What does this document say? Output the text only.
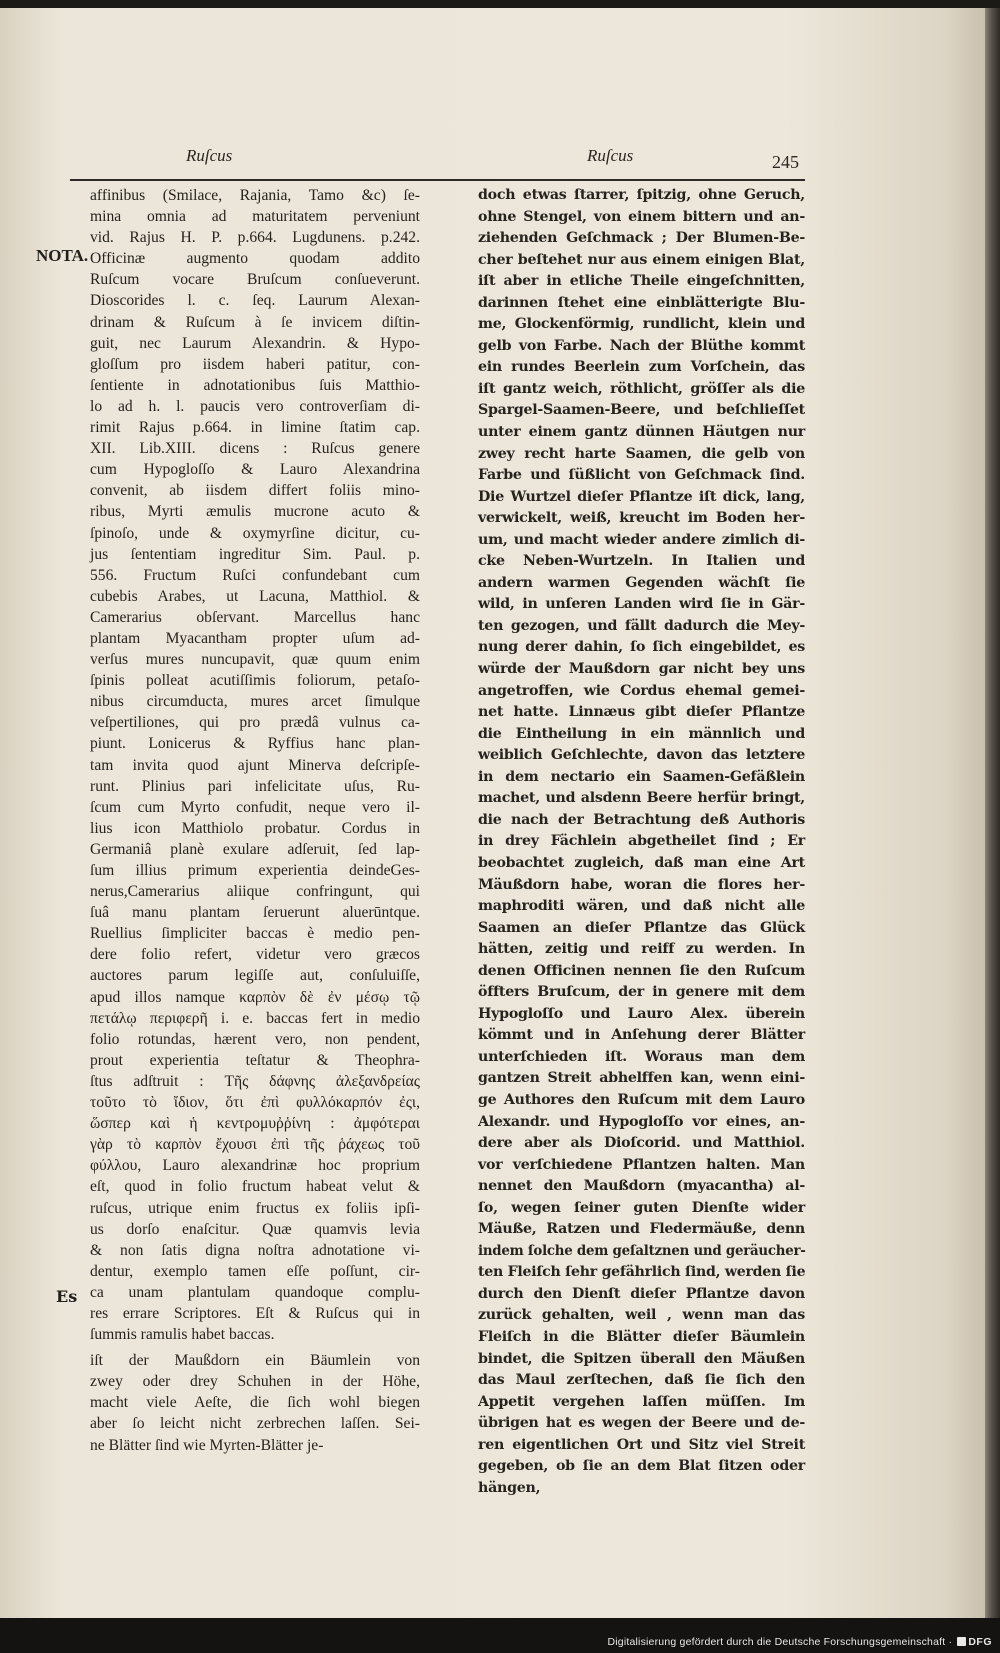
Ruſcus	Ruſcus	245
NOTA.
Es
affinibus (Smilace, Rajania, Tamo &c) ſe-
mina omnia ad maturitatem perveniunt
vid. Rajus H. P. p.664. Lugdunens. p.242.
Officinæ augmento quodam addito
Ruſcum vocare Bruſcum conſueverunt.
Dioscorides l. c. ſeq. Laurum Alexan-
drinam & Ruſcum à ſe invicem diſtin-
guit, nec Laurum Alexandrin. & Hypo-
gloſſum pro iisdem haberi patitur, con-
ſentiente in adnotationibus ſuis Matthio-
lo ad h. l. paucis vero controverſiam di-
rimit Rajus p.664. in limine ſtatim cap.
XII. Lib.XIII. dicens : Ruſcus genere
cum Hypogloſſo & Lauro Alexandrina
convenit, ab iisdem differt foliis mino-
ribus, Myrti æmulis mucrone acuto &
ſpinoſo, unde & oxymyrſine dicitur, cu-
jus ſententiam ingreditur Sim. Paul. p.
556. Fructum Ruſci confundebant cum
cubebis Arabes, ut Lacuna, Matthiol. &
Camerarius obſervant. Marcellus hanc
plantam Myacantham propter uſum ad-
verſus mures nuncupavit, quæ quum enim
ſpinis polleat acutiſſimis foliorum, petaſo-
nibus circumducta, mures arcet ſimulque
veſpertiliones, qui pro prædâ vulnus ca-
piunt. Lonicerus & Ryffius hanc plan-
tam invita quod ajunt Minerva deſcripſe-
runt. Plinius pari infelicitate uſus, Ru-
ſcum cum Myrto confudit, neque vero il-
lius icon Matthiolo probatur. Cordus in
Germaniâ planè exulare adſeruit, ſed lap-
ſum illius primum experientia deindeGes-
nerus,Camerarius aliique confringunt, qui
ſuâ manu plantam ſeruerunt aluerūntque.
Ruellius ſimpliciter baccas è medio pen-
dere folio refert, videtur vero græcos
auctores parum legiſſe aut, conſuluiſſe,
apud illos namque καρπὸν δὲ ἐν μέσῳ τῷ
πετάλῳ περιφερῆ i. e. baccas fert in medio
folio rotundas, hærent vero, non pendent,
prout experientia teſtatur & Theophra-
ſtus adſtruit : Τῆς δάφνης ἀλεξανδρείας
τοῦτο τὸ ἴδιον, ὅτι ἐπὶ φυλλόκαρπόν ἐςι,
ὥσπερ καὶ ἡ κεντρομυῤῥίνη : ἀμφότεραι
γὰρ τὸ καρπὸν ἔχουσι ἐπὶ τῆς ῥάχεως τοῦ
φύλλου, Lauro alexandrinæ hoc proprium
eſt, quod in folio fructum habeat velut &
ruſcus, utrique enim fructus ex foliis ipſi-
us dorſo enaſcitur. Quæ quamvis levia
& non ſatis digna noſtra adnotatione vi-
dentur, exemplo tamen eſſe poſſunt, cir-
ca unam plantulam quandoque complu-
res errare Scriptores. Eſt & Ruſcus qui in
ſummis ramulis habet baccas.
iſt der Maußdorn ein Bäumlein von
zwey oder drey Schuhen in der Höhe,
macht viele Aeſte, die ſich wohl biegen
aber ſo leicht nicht zerbrechen laſſen. Sei-
ne Blätter ſind wie Myrten-Blätter je-
doch etwas ſtarrer, ſpitzig, ohne Geruch,
ohne Stengel, von einem bittern und an-
ziehenden Geſchmack ; Der Blumen-Be-
cher beſtehet nur aus einem einigen Blat,
iſt aber in etliche Theile eingeſchnitten,
darinnen ſtehet eine einblätterigte Blu-
me, Glockenförmig, rundlicht, klein und
gelb von Farbe. Nach der Blüthe kommt
ein rundes Beerlein zum Vorſchein, das
iſt gantz weich, röthlicht, gröſſer als die
Spargel-Saamen-Beere, und beſchlieſſet
unter einem gantz dünnen Häutgen nur
zwey recht harte Saamen, die gelb von
Farbe und ſüßlicht von Geſchmack ſind.
Die Wurtzel dieſer Pflantze iſt dick, lang,
verwickelt, weiß, kreucht im Boden her-
um, und macht wieder andere zimlich di-
cke Neben-Wurtzeln. In Italien und
andern warmen Gegenden wächſt ſie
wild, in unſeren Landen wird ſie in Gär-
ten gezogen, und fällt dadurch die Mey-
nung derer dahin, ſo ſich eingebildet, es
würde der Maußdorn gar nicht bey uns
angetroffen, wie Cordus ehemal gemei-
net hatte. Linnæus gibt dieſer Pflantze
die Eintheilung in ein männlich und
weiblich Geſchlechte, davon das letztere
in dem nectario ein Saamen-Gefäßlein
machet, und alsdenn Beere herfür bringt,
die nach der Betrachtung deß Authoris
in drey Fächlein abgetheilet ſind ; Er
beobachtet zugleich, daß man eine Art
Mäußdorn habe, woran die flores her-
maphroditi wären, und daß nicht alle
Saamen an dieſer Pflantze das Glück
hätten, zeitig und reiff zu werden. In
denen Officinen nennen ſie den Ruſcum
öffters Bruſcum, der in genere mit dem
Hypogloſſo und Lauro Alex. überein
kömmt und in Anſehung derer Blätter
unterſchieden iſt. Woraus man dem
gantzen Streit abhelffen kan, wenn eini-
ge Authores den Ruſcum mit dem Lauro
Alexandr. und Hypogloſſo vor eines, an-
dere aber als Dioſcorid. und Matthiol.
vor verſchiedene Pflantzen halten. Man
nennet den Maußdorn (myacantha) al-
ſo, wegen ſeiner guten Dienſte wider
Mäuße, Ratzen und Fledermäuße, denn
indem ſolche dem geſaltznen und geräucher-
ten Fleiſch ſehr gefährlich ſind, werden ſie
durch den Dienſt dieſer Pflantze davon
zurück gehalten, weil , wenn man das
Fleiſch in die Blätter dieſer Bäumlein
bindet, die Spitzen überall den Mäußen
das Maul zerſtechen, daß ſie ſich den
Appetit vergehen laſſen müſſen. Im
übrigen hat es wegen der Beere und de-
ren eigentlichen Ort und Sitz viel Streit
gegeben, ob ſie an dem Blat ſitzen oder
hängen,
Digitalisierung gefördert durch die Deutsche Forschungsgemeinschaft · DFG
